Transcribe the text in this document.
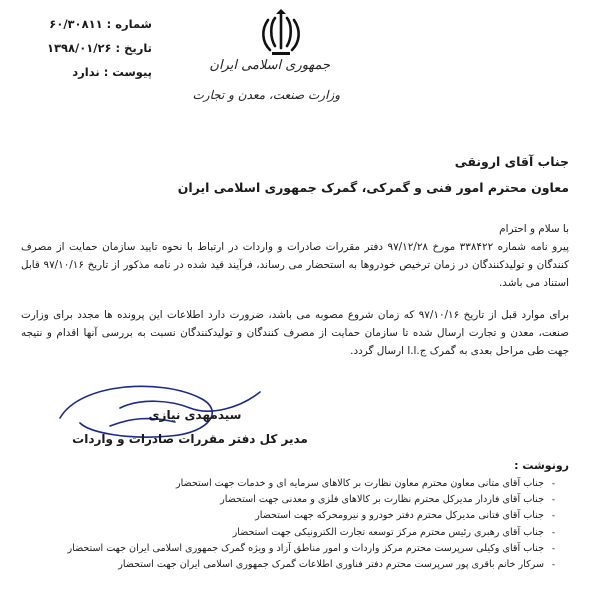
جمهوری اسلامی ایران
وزارت صنعت، معدن و تجارت
شماره :
۶۰/۳۰۸۱۱
تاریخ :
۱۳۹۸/۰۱/۲۶
پیوست :
ندارد
جناب آقای ارونقی
معاون محترم امور فنی و گمرکی، گمرک جمهوری اسلامی ایران

با سلام و احترام

پیرو نامه شماره ۳۳۸۴۲۲ مورخ ۹۷/۱۲/۲۸ دفتر مقررات صادرات و واردات در ارتباط با نحوه تایید سازمان حمایت از مصرف کنندگان و تولیدکنندگان در زمان ترخیص خودروها به استحضار می رساند، فرآیند قید شده در نامه مذکور از تاریخ ۹۷/۱۰/۱۶ قابل استناد می باشد.

برای موارد قبل از تاریخ ۹۷/۱۰/۱۶ که زمان شروع مصوبه می باشد، ضرورت دارد اطلاعات این پرونده ها مجدد برای وزارت صنعت، معدن و تجارت ارسال شده تا سازمان حمایت از مصرف کنندگان و تولیدکنندگان نسبت به بررسی آنها اقدام و نتیجه جهت طی مراحل بعدی به گمرک ج.ا.ا ارسال گردد.

سیدمهدی نیازی
مدیر کل دفتر مقررات صادرات و واردات
رونوشت :
-
جناب آقای متانی معاون محترم معاون نظارت بر کالاهای سرمایه ای و خدمات جهت استحضار
-
جناب آقای فاردار مدیرکل محترم نظارت بر کالاهای فلزی و معدنی جهت استحضار
-
جناب آقای فتانی مدیرکل محترم دفتر خودرو و نیرومحرکه جهت استحضار
-
جناب آقای رهبری رئیس محترم مرکز توسعه تجارت الکترونیکی جهت استحضار
-
جناب آقای وکیلی سرپرست محترم مرکز واردات و امور مناطق آزاد و ویژه گمرک جمهوری اسلامی ایران جهت استحضار
-
سرکار خانم باقری پور سرپرست محترم دفتر فناوری اطلاعات گمرک جمهوری اسلامی ایران جهت استحضار
